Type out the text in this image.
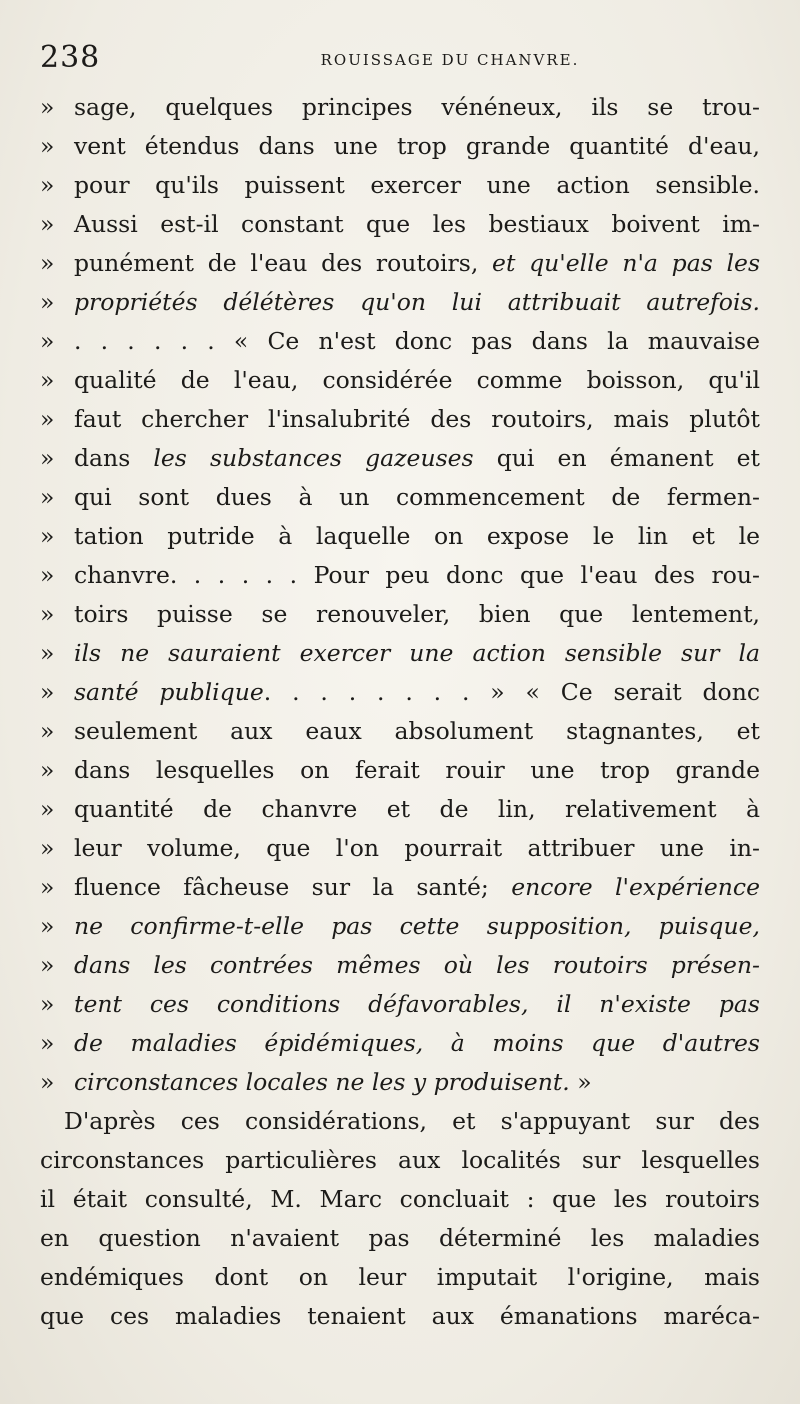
238	ROUISSAGE DU CHANVRE.
» sage, quelques principes vénéneux, ils se trou-
» vent étendus dans une trop grande quantité d'eau,
» pour qu'ils puissent exercer une action sensible.
» Aussi est-il constant que les bestiaux boivent im-
» punément de l'eau des routoirs, et qu'elle n'a pas les
» propriétés délétères qu'on lui attribuait autrefois.
» . . . . . . « Ce n'est donc pas dans la mauvaise
» qualité de l'eau, considérée comme boisson, qu'il
» faut chercher l'insalubrité des routoirs, mais plutôt
» dans les substances gazeuses qui en émanent et
» qui sont dues à un commencement de fermen-
» tation putride à laquelle on expose le lin et le
» chanvre. . . . . . Pour peu donc que l'eau des rou-
» toirs puisse se renouveler, bien que lentement,
» ils ne sauraient exercer une action sensible sur la
» santé publique. . . . . . . . » « Ce serait donc
» seulement aux eaux absolument stagnantes, et
» dans lesquelles on ferait rouir une trop grande
» quantité de chanvre et de lin, relativement à
» leur volume, que l'on pourrait attribuer une in-
» fluence fâcheuse sur la santé; encore l'expérience
» ne confirme-t-elle pas cette supposition, puisque,
» dans les contrées mêmes où les routoirs présen-
» tent ces conditions défavorables, il n'existe pas
» de maladies épidémiques, à moins que d'autres
» circonstances locales ne les y produisent. »
D'après ces considérations, et s'appuyant sur des
circonstances particulières aux localités sur lesquelles
il était consulté, M. Marc concluait : que les routoirs
en question n'avaient pas déterminé les maladies
endémiques dont on leur imputait l'origine, mais
que ces maladies tenaient aux émanations maréca-
